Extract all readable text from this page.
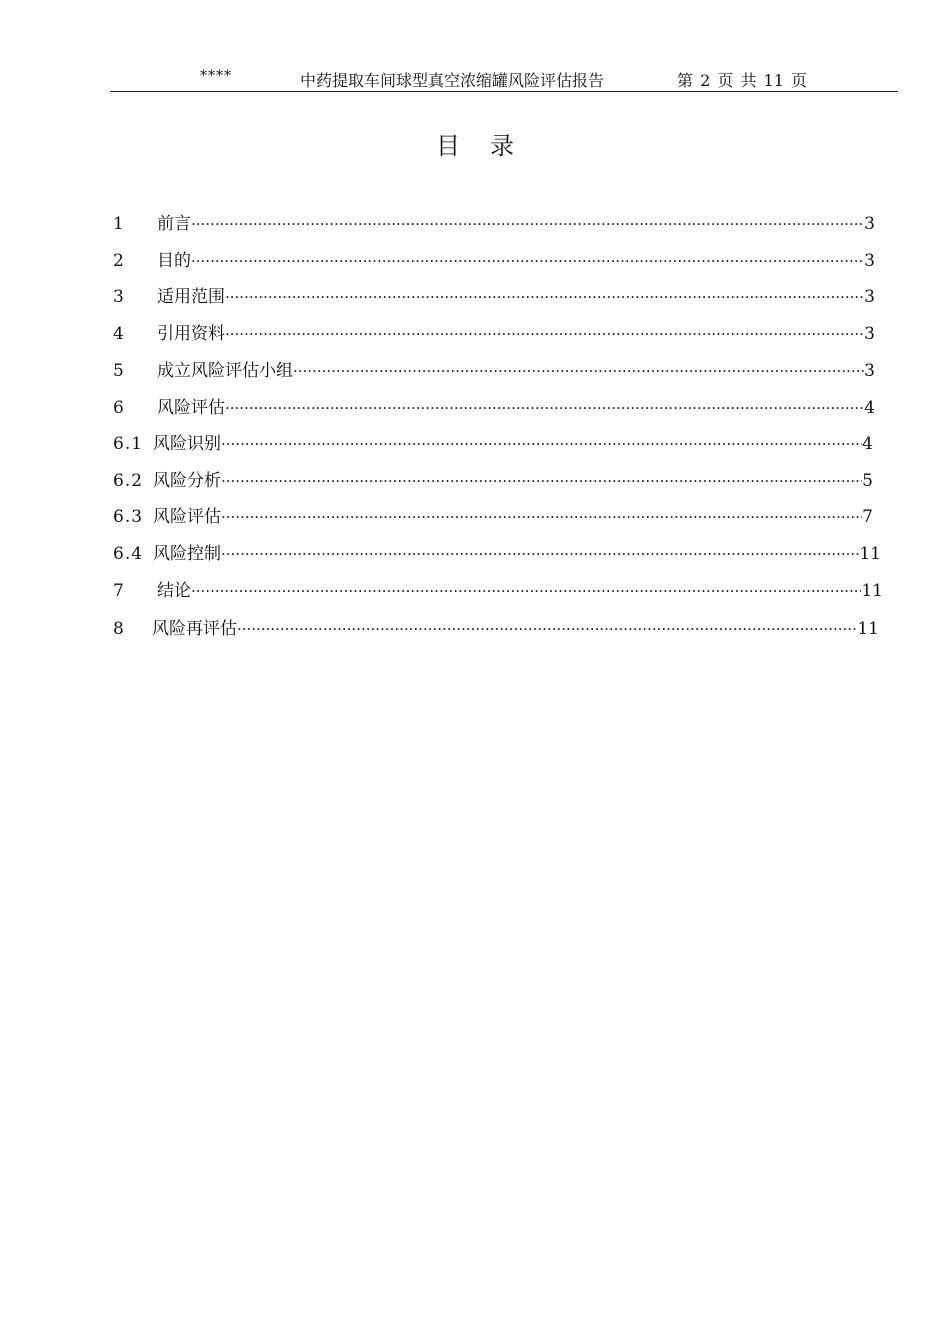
****	中药提取车间球型真空浓缩罐风险评估报告	第 2 页 共 11 页
目录
1	前言 ·····	3
2	目的 ·····	3
3	适用范围 ·····	3
4	引用资料 ·····	3
5	成立风险评估小组 ·····	3
6	风险评估 ·····	4
6.1 风险识别 ·····	4
6.2 风险分析 ·····	5
6.3 风险评估 ·····	7
6.4 风险控制 ·····	11
7	结论 ·····	11
8	风险再评估 ·····	11
